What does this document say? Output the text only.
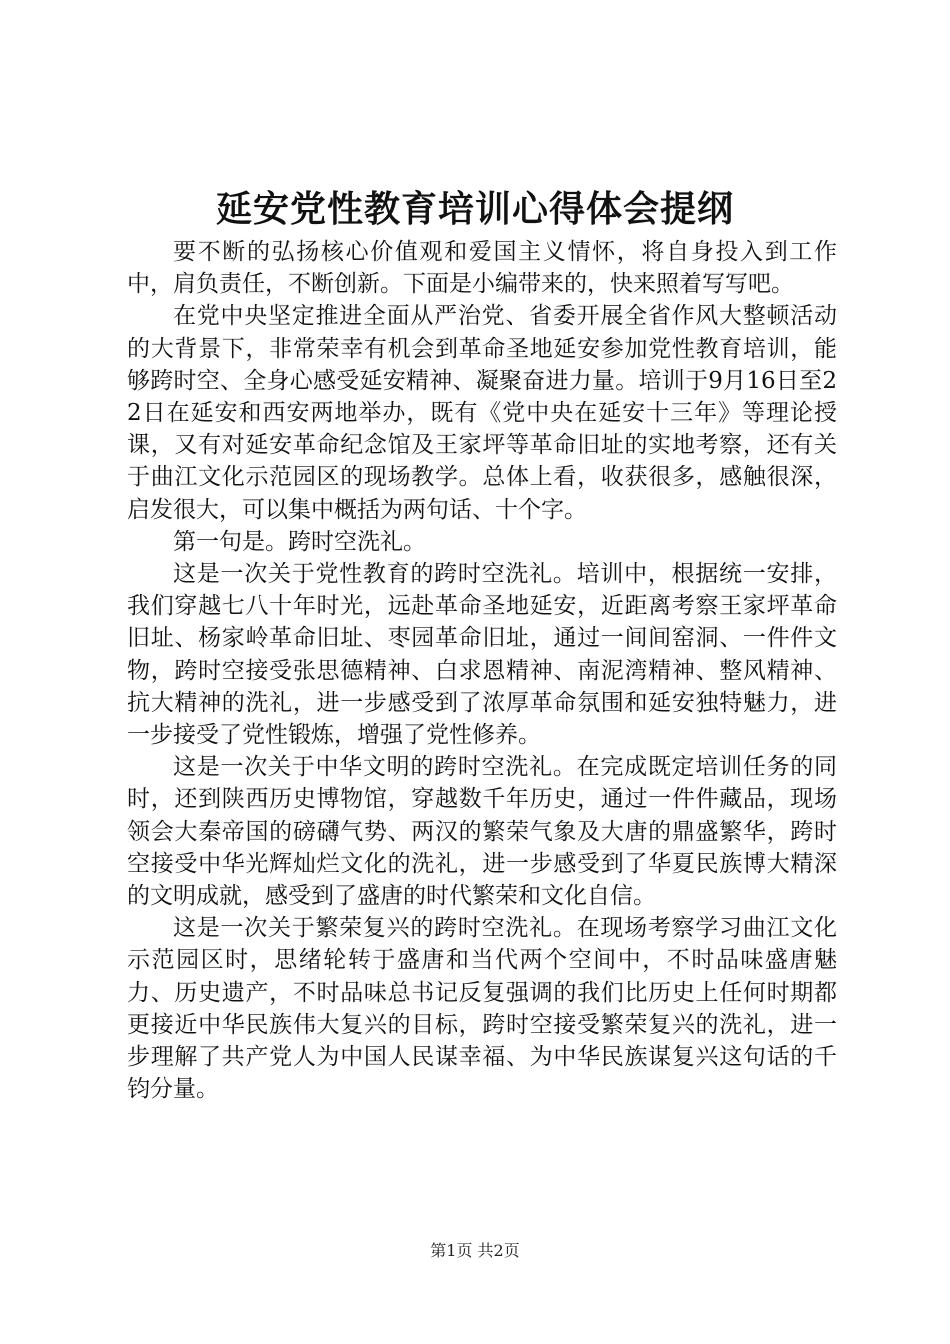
延安党性教育培训心得体会提纲

要不断的弘扬核心价值观和爱国主义情怀，将自身投入到工作中，肩负责任，不断创新。下面是小编带来的，快来照着写写吧。

在党中央坚定推进全面从严治党、省委开展全省作风大整顿活动的大背景下，非常荣幸有机会到革命圣地延安参加党性教育培训，能够跨时空、全身心感受延安精神、凝聚奋进力量。培训于9月16日至22日在延安和西安两地举办，既有《党中央在延安十三年》等理论授课，又有对延安革命纪念馆及王家坪等革命旧址的实地考察，还有关于曲江文化示范园区的现场教学。总体上看，收获很多，感触很深，启发很大，可以集中概括为两句话、十个字。

第一句是。跨时空洗礼。

这是一次关于党性教育的跨时空洗礼。培训中，根据统一安排，我们穿越七八十年时光，远赴革命圣地延安，近距离考察王家坪革命旧址、杨家岭革命旧址、枣园革命旧址，通过一间间窑洞、一件件文物，跨时空接受张思德精神、白求恩精神、南泥湾精神、整风精神、抗大精神的洗礼，进一步感受到了浓厚革命氛围和延安独特魅力，进一步接受了党性锻炼，增强了党性修养。

这是一次关于中华文明的跨时空洗礼。在完成既定培训任务的同时，还到陕西历史博物馆，穿越数千年历史，通过一件件藏品，现场领会大秦帝国的磅礴气势、两汉的繁荣气象及大唐的鼎盛繁华，跨时空接受中华光辉灿烂文化的洗礼，进一步感受到了华夏民族博大精深的文明成就，感受到了盛唐的时代繁荣和文化自信。

这是一次关于繁荣复兴的跨时空洗礼。在现场考察学习曲江文化示范园区时，思绪轮转于盛唐和当代两个空间中，不时品味盛唐魅力、历史遗产，不时品味总书记反复强调的我们比历史上任何时期都更接近中华民族伟大复兴的目标，跨时空接受繁荣复兴的洗礼，进一步理解了共产党人为中国人民谋幸福、为中华民族谋复兴这句话的千钧分量。

第1页 共2页
